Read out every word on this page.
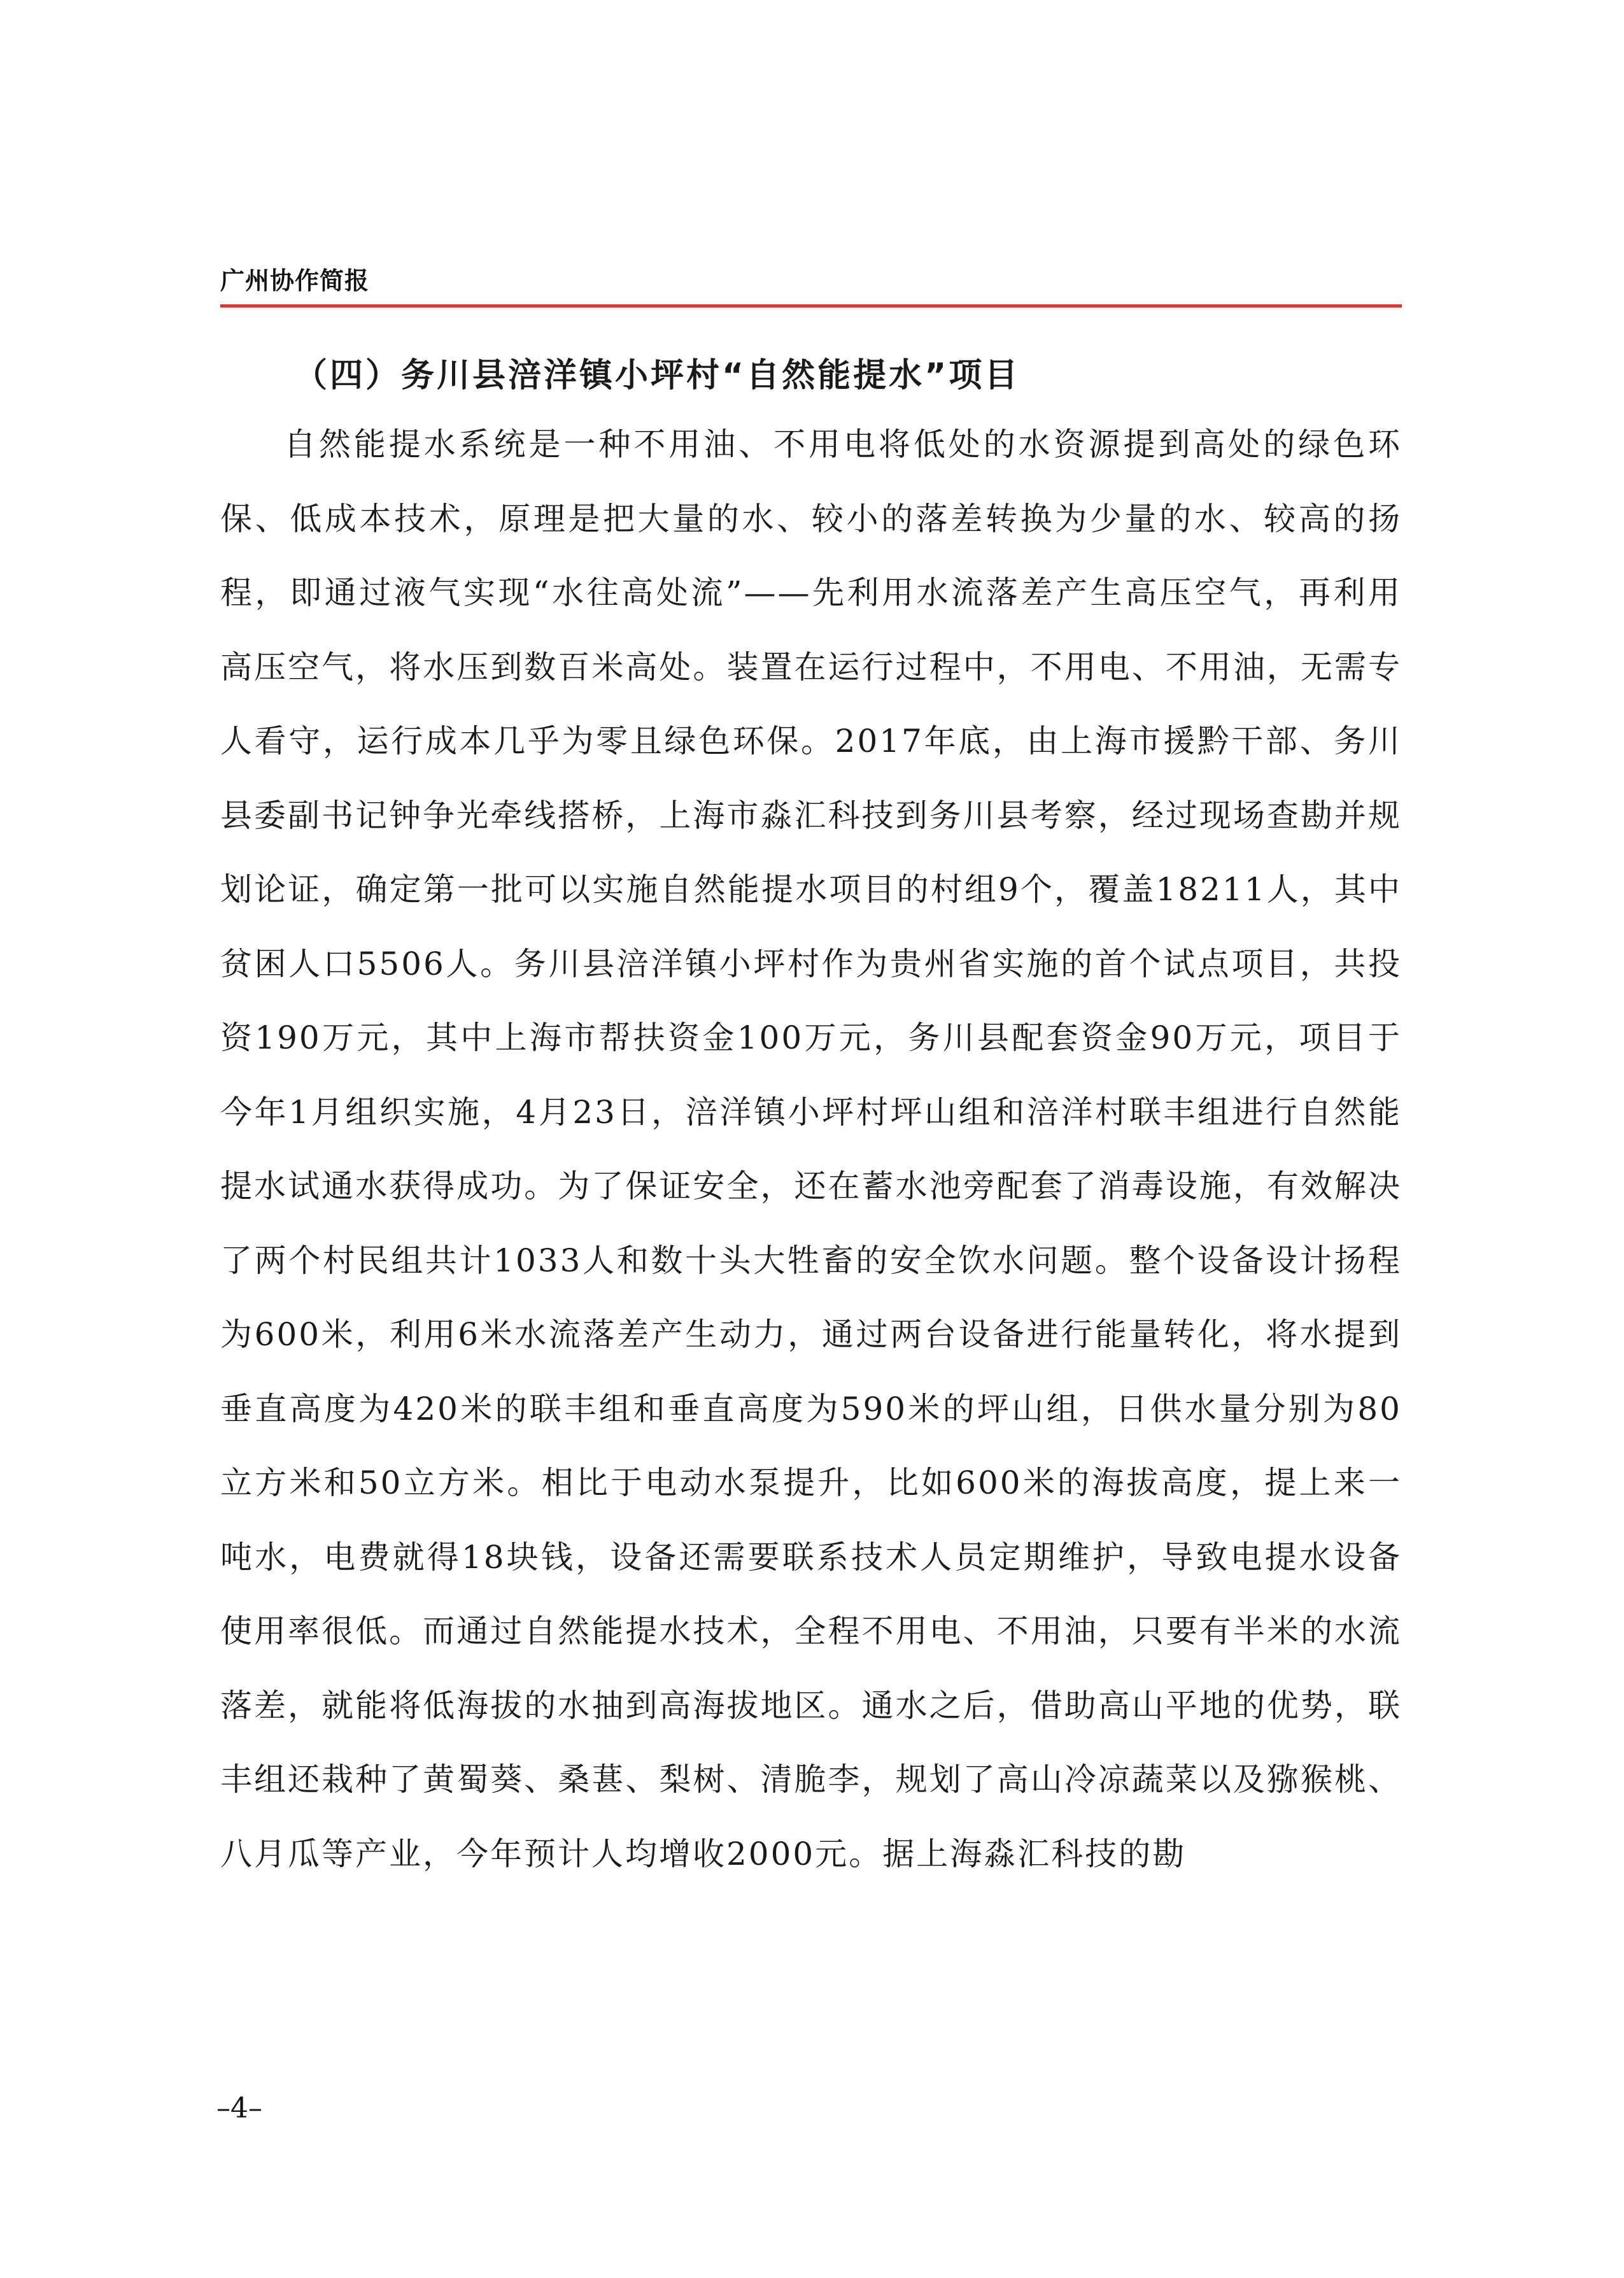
广州协作简报
（四）务川县涪洋镇小坪村“自然能提水”项目

自然能提水系统是一种不用油、不用电将低处的水资源提到高处的绿色环保、低成本技术，原理是把大量的水、较小的落差转换为少量的水、较高的扬程，即通过液气实现“水往高处流”——先利用水流落差产生高压空气，再利用高压空气，将水压到数百米高处。装置在运行过程中，不用电、不用油，无需专人看守，运行成本几乎为零且绿色环保。2017年底，由上海市援黔干部、务川县委副书记钟争光牵线搭桥，上海市淼汇科技到务川县考察，经过现场查勘并规划论证，确定第一批可以实施自然能提水项目的村组9个，覆盖18211人，其中贫困人口5506人。务川县涪洋镇小坪村作为贵州省实施的首个试点项目，共投资190万元，其中上海市帮扶资金100万元，务川县配套资金90万元，项目于今年1月组织实施，4月23日，涪洋镇小坪村坪山组和涪洋村联丰组进行自然能提水试通水获得成功。为了保证安全，还在蓄水池旁配套了消毒设施，有效解决了两个村民组共计1033人和数十头大牲畜的安全饮水问题。整个设备设计扬程为600米，利用6米水流落差产生动力，通过两台设备进行能量转化，将水提到垂直高度为420米的联丰组和垂直高度为590米的坪山组，日供水量分别为80立方米和50立方米。相比于电动水泵提升，比如600米的海拔高度，提上来一吨水，电费就得18块钱，设备还需要联系技术人员定期维护，导致电提水设备使用率很低。而通过自然能提水技术，全程不用电、不用油，只要有半米的水流落差，就能将低海拔的水抽到高海拔地区。通水之后，借助高山平地的优势，联丰组还栽种了黄蜀葵、桑葚、梨树、清脆李，规划了高山冷凉蔬菜以及猕猴桃、八月瓜等产业，今年预计人均增收2000元。据上海淼汇科技的勘

–4–
